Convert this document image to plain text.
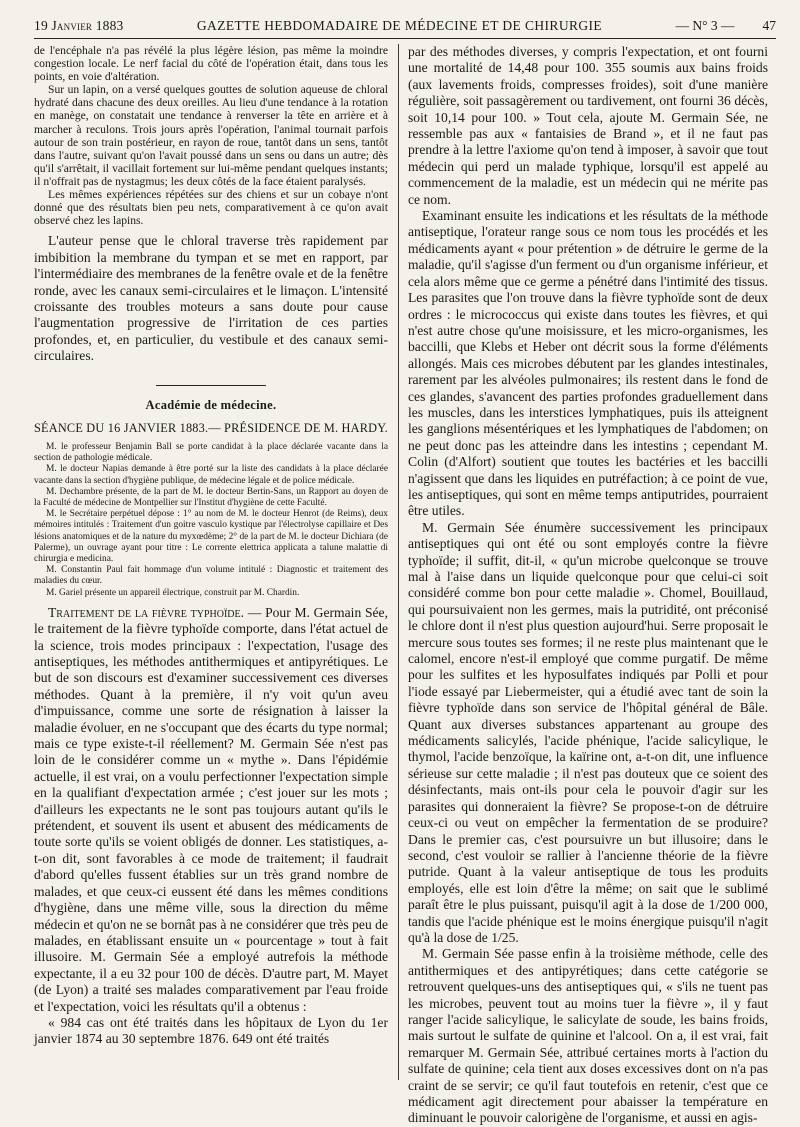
19 Janvier 1883	GAZETTE HEBDOMADAIRE DE MÉDECINE ET DE CHIRURGIE	— N° 3 — 47

de l'encéphale n'a pas révélé la plus légère lésion, pas même la moindre congestion locale. Le nerf facial du côté de l'opération était, dans tous les points, en voie d'altération.

Sur un lapin, on a versé quelques gouttes de solution aqueuse de chloral hydraté dans chacune des deux oreilles. Au lieu d'une tendance à la rotation en manège, on constatait une tendance à renverser la tête en arrière et à marcher à reculons. Trois jours après l'opération, l'animal tournait parfois autour de son train postérieur, en rayon de roue, tantôt dans un sens, tantôt dans l'autre, suivant qu'on l'avait poussé dans un sens ou dans un autre; dès qu'il s'arrêtait, il vacillait fortement sur lui-même pendant quelques instants; il n'offrait pas de nystagmus; les deux côtés de la face étaient paralysés.

Les mêmes expériences répétées sur des chiens et sur un cobaye n'ont donné que des résultats bien peu nets, comparativement à ce qu'on avait observé chez les lapins.

L'auteur pense que le chloral traverse très rapidement par imbibition la membrane du tympan et se met en rapport, par l'intermédiaire des membranes de la fenêtre ovale et de la fenêtre ronde, avec les canaux semi-circulaires et le limaçon. L'intensité croissante des troubles moteurs a sans doute pour cause l'augmentation progressive de l'irritation de ces parties profondes, et, en particulier, du vestibule et des canaux semi-circulaires.

Académie de médecine.

SÉANCE DU 16 JANVIER 1883.— PRÉSIDENCE DE M. HARDY.

M. le professeur Benjamin Ball se porte candidat à la place déclarée vacante dans la section de pathologie médicale.

M. le docteur Napias demande à être porté sur la liste des candidats à la place déclarée vacante dans la section d'hygiène publique, de médecine légale et de police médicale.

M. Dechambre présente, de la part de M. le docteur Bertin-Sans, un Rapport au doyen de la Faculté de médecine de Montpellier sur l'Institut d'hygiène de cette Faculté.

M. le Secrétaire perpétuel dépose : 1° au nom de M. le docteur Henrot (de Reims), deux mémoires intitulés : Traitement d'un goitre vasculo kystique par l'électrolyse capillaire et Des lésions anatomiques et de la nature du myxœdème; 2° de la part de M. le docteur Dichiara (de Palerme), un ouvrage ayant pour titre : Le corrente elettrica applicata a talune malattie di chirurgia e medicina.

M. Constantin Paul fait hommage d'un volume intitulé : Diagnostic et traitement des maladies du cœur.

M. Gariel présente un appareil électrique, construit par M. Chardin.

Traitement de la fièvre typhoïde. — Pour M. Germain Sée, le traitement de la fièvre typhoïde comporte, dans l'état actuel de la science, trois modes principaux : l'expectation, l'usage des antiseptiques, les méthodes antithermiques et antipyrétiques. Le but de son discours est d'examiner successivement ces diverses méthodes. Quant à la première, il n'y voit qu'un aveu d'impuissance, comme une sorte de résignation à laisser la maladie évoluer, en ne s'occupant que des écarts du type normal; mais ce type existe-t-il réellement? M. Germain Sée n'est pas loin de le considérer comme un « mythe ». Dans l'épidémie actuelle, il est vrai, on a voulu perfectionner l'expectation simple en la qualifiant d'expectation armée ; c'est jouer sur les mots ; d'ailleurs les expectants ne le sont pas toujours autant qu'ils le prétendent, et souvent ils usent et abusent des médicaments de toute sorte qu'ils se voient obligés de donner. Les statistiques, a-t-on dit, sont favorables à ce mode de traitement; il faudrait d'abord qu'elles fussent établies sur un très grand nombre de malades, et que ceux-ci eussent été dans les mêmes conditions d'hygiène, dans une même ville, sous la direction du même médecin et qu'on ne se bornât pas à ne considérer que très peu de malades, en établissant ensuite un « pourcentage » tout à fait illusoire. M. Germain Sée a employé autrefois la méthode expectante, il a eu 32 pour 100 de décès. D'autre part, M. Mayet (de Lyon) a traité ses malades comparativement par l'eau froide et l'expectation, voici les résultats qu'il a obtenus :

« 984 cas ont été traités dans les hôpitaux de Lyon du 1er janvier 1874 au 30 septembre 1876. 649 ont été traités

par des méthodes diverses, y compris l'expectation, et ont fourni une mortalité de 14,48 pour 100. 355 soumis aux bains froids (aux lavements froids, compresses froides), soit d'une manière régulière, soit passagèrement ou tardivement, ont fourni 36 décès, soit 10,14 pour 100. » Tout cela, ajoute M. Germain Sée, ne ressemble pas aux « fantaisies de Brand », et il ne faut pas prendre à la lettre l'axiome qu'on tend à imposer, à savoir que tout médecin qui perd un malade typhique, lorsqu'il est appelé au commencement de la maladie, est un médecin qui ne mérite pas ce nom.

Examinant ensuite les indications et les résultats de la méthode antiseptique, l'orateur range sous ce nom tous les procédés et les médicaments ayant « pour prétention » de détruire le germe de la maladie, qu'il s'agisse d'un ferment ou d'un organisme inférieur, et cela alors même que ce germe a pénétré dans l'intimité des tissus. Les parasites que l'on trouve dans la fièvre typhoïde sont de deux ordres : le micrococcus qui existe dans toutes les fièvres, et qui n'est autre chose qu'une moisissure, et les micro-organismes, les baccilli, que Klebs et Heber ont décrit sous la forme d'éléments allongés. Mais ces microbes débutent par les glandes intestinales, rarement par les alvéoles pulmonaires; ils restent dans le fond de ces glandes, s'avancent des parties profondes graduellement dans les muscles, dans les interstices lymphatiques, puis ils atteignent les ganglions mésentériques et les lymphatiques de l'abdomen; on ne peut donc pas les atteindre dans les intestins ; cependant M. Colin (d'Alfort) soutient que toutes les bactéries et les baccilli n'agissent que dans les liquides en putréfaction; à ce point de vue, les antiseptiques, qui sont en même temps antiputrides, pourraient être utiles.

M. Germain Sée énumère successivement les principaux antiseptiques qui ont été ou sont employés contre la fièvre typhoïde; il suffit, dit-il, « qu'un microbe quelconque se trouve mal à l'aise dans un liquide quelconque pour que celui-ci soit considéré comme bon pour cette maladie ». Chomel, Bouillaud, qui poursuivaient non les germes, mais la putridité, ont préconisé le chlore dont il n'est plus question aujourd'hui. Serre proposait le mercure sous toutes ses formes; il ne reste plus maintenant que le calomel, encore n'est-il employé que comme purgatif. De même pour les sulfites et les hyposulfates indiqués par Polli et pour l'iode essayé par Liebermeister, qui a étudié avec tant de soin la fièvre typhoïde dans son service de l'hôpital général de Bâle. Quant aux diverses substances appartenant au groupe des médicaments salicylés, l'acide phénique, l'acide salicylique, le thymol, l'acide benzoïque, la kaïrine ont, a-t-on dit, une influence sérieuse sur cette maladie ; il n'est pas douteux que ce soient des désinfectants, mais ont-ils pour cela le pouvoir d'agir sur les parasites qui donneraient la fièvre? Se propose-t-on de détruire ceux-ci ou veut on empêcher la fermentation de se produire? Dans le premier cas, c'est poursuivre un but illusoire; dans le second, c'est vouloir se rallier à l'ancienne théorie de la fièvre putride. Quant à la valeur antiseptique de tous les produits employés, elle est loin d'être la même; on sait que le sublimé paraît être le plus puissant, puisqu'il agit à la dose de 1/200 000, tandis que l'acide phénique est le moins énergique puisqu'il n'agit qu'à la dose de 1/25.

M. Germain Sée passe enfin à la troisième méthode, celle des antithermiques et des antipyrétiques; dans cette catégorie se retrouvent quelques-uns des antiseptiques qui, « s'ils ne tuent pas les microbes, peuvent tout au moins tuer la fièvre », il y faut ranger l'acide salicylique, le salicylate de soude, les bains froids, mais surtout le sulfate de quinine et l'alcool. On a, il est vrai, fait remarquer M. Germain Sée, attribué certaines morts à l'action du sulfate de quinine; cela tient aux doses excessives dont on n'a pas craint de se servir; ce qu'il faut toutefois en retenir, c'est que ce médicament agit directement pour abaisser la température en diminuant le pouvoir calorigène de l'organisme, et aussi en agis-
